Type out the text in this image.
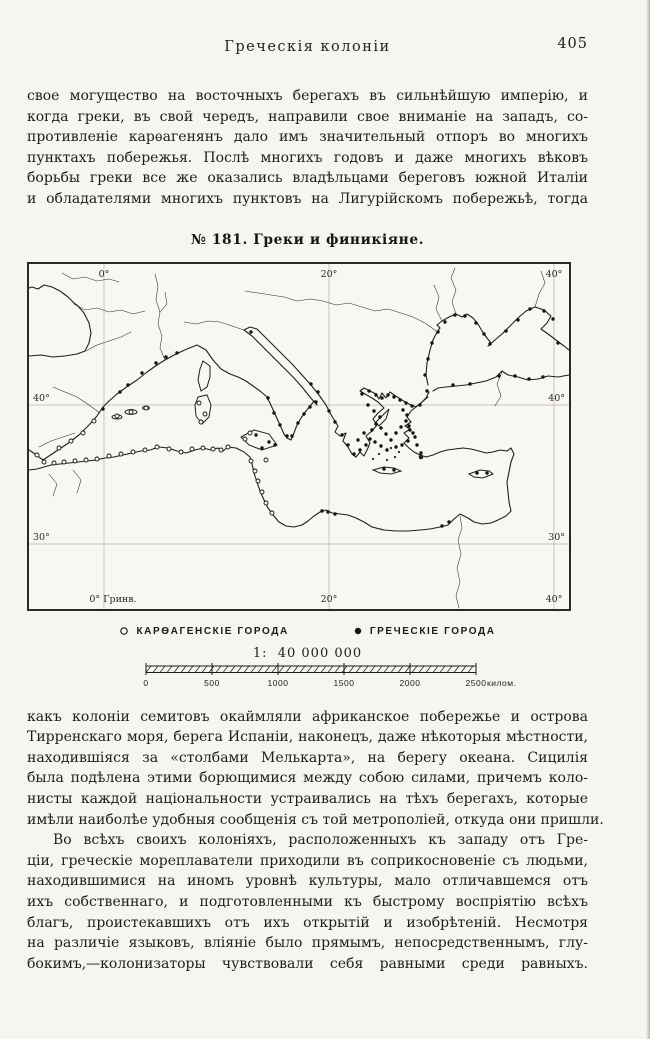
Греческія колоніи	405
свое могущество на восточныхъ берегахъ въ сильнѣйшую имперію, и
когда греки, въ свой чередъ, направили свое вниманіе на западъ, со-
противленіе карѳагенянъ дало имъ значительный отпоръ во многихъ
пунктахъ побережья. Послѣ многихъ годовъ и даже многихъ вѣковъ
борьбы греки все же оказались владѣльцами береговъ южной Италіи
и обладателями многихъ пунктовъ на Лигурійскомъ побережьѣ, тогда
№ 181. Греки и финикіяне.
0°	20°	40°
0° Гринв.	20°	40°
40°
30°
40°
30°
КАРѲАГЕНСКІЕ ГОРОДА	ГРЕЧЕСКІЕ ГОРОДА
1:  40 000 000
0	500	1000	1500	2000	2500 килом.
какъ колоніи семитовъ окаймляли африканское побережье и острова
Тирренскаго моря, берега Испаніи, наконецъ, даже нѣкоторыя мѣстности,
находившіяся за «столбами Мелькарта», на берегу океана. Сицилія
была подѣлена этими борющимися между собою силами, причемъ коло-
нисты каждой національности устраивались на тѣхъ берегахъ, которые
имѣли наиболѣе удобныя сообщенія съ той метрополіей, откуда они пришли.
Во всѣхъ своихъ колоніяхъ, расположенныхъ къ западу отъ Гре-
ціи, греческіе мореплаватели приходили въ соприкосновеніе съ людьми,
находившимися на иномъ уровнѣ культуры, мало отличавшемся отъ
ихъ собственнаго, и подготовленными къ быстрому воспріятію всѣхъ
благъ, проистекавшихъ отъ ихъ открытій и изобрѣтеній. Несмотря
на различіе языковъ, вліяніе было прямымъ, непосредственнымъ, глу-
бокимъ,—колонизаторы чувствовали себя равными среди равныхъ.
